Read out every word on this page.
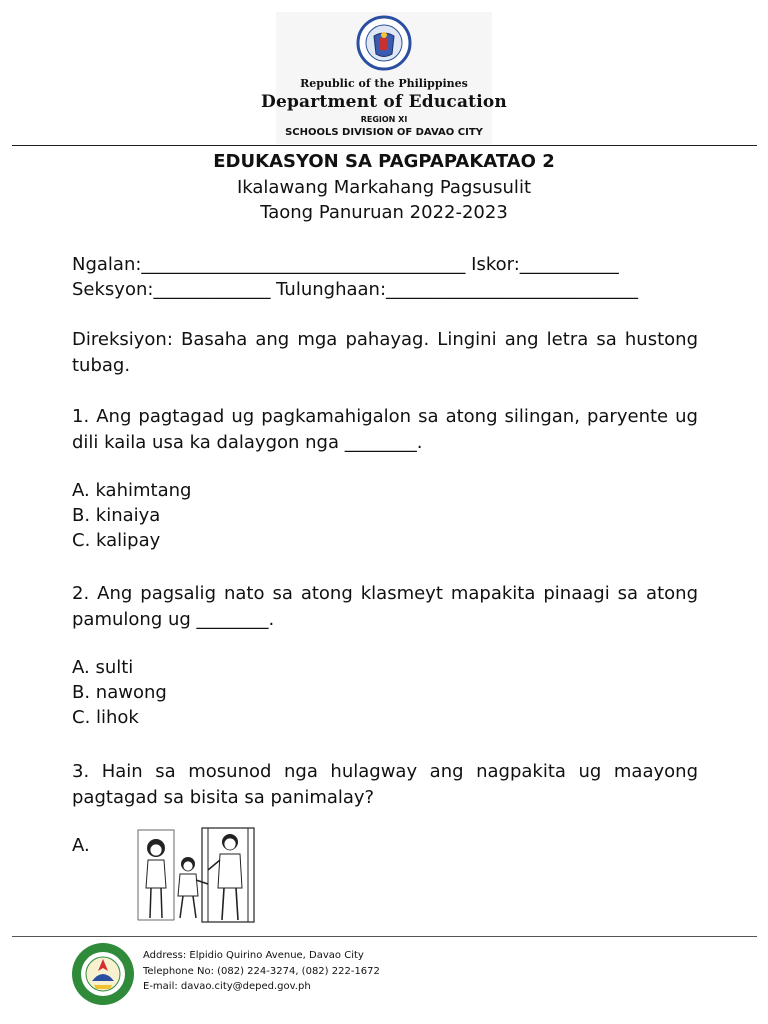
Republic of the Philippines
Department of Education
REGION XI
SCHOOLS DIVISION OF DAVAO CITY
EDUKASYON SA PAGPAPAKATAO 2
Ikalawang Markahang Pagsusulit
Taong Panuruan 2022-2023
Ngalan:____________________________________ Iskor:___________
Seksyon:_____________ Tulunghaan:____________________________
Direksiyon: Basaha ang mga pahayag. Lingini ang letra sa hustong tubag.
1. Ang pagtagad ug pagkamahigalon sa atong silingan, paryente ug dili kaila usa ka dalaygon nga ________.
A. kahimtang
B. kinaiya
C. kalipay
2. Ang pagsalig nato sa atong klasmeyt mapakita pinaagi sa atong pamulong ug ________.
A. sulti
B. nawong
C. lihok
3. Hain sa mosunod nga hulagway ang nagpakita ug maayong pagtagad sa bisita sa panimalay?
A.
Address: Elpidio Quirino Avenue, Davao City
Telephone No: (082) 224-3274, (082) 222-1672
E-mail: davao.city@deped.gov.ph
